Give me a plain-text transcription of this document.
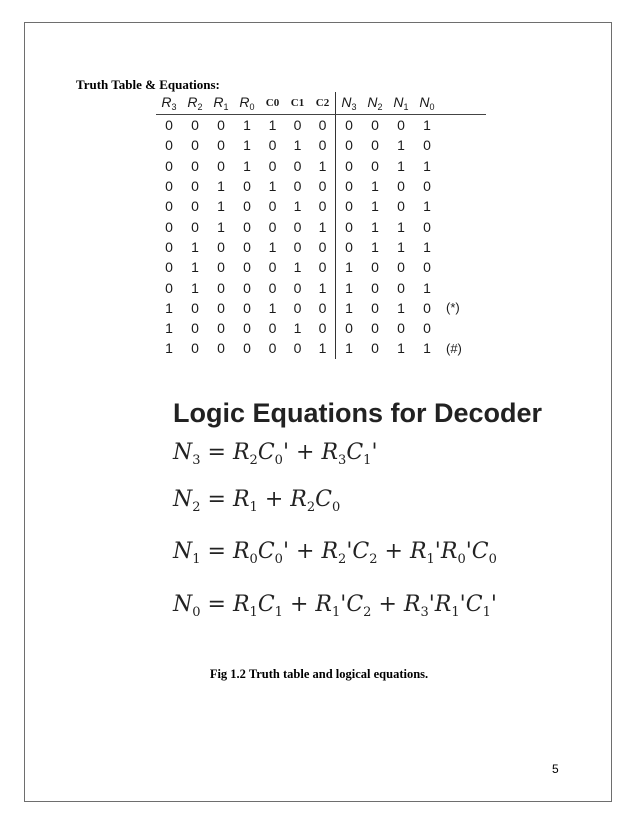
Truth Table & Equations:
$R_3$ $R_2$ $R_1$ $R_0$	C0	C1	C2 $N_3$ $N_2$ $N_1$ $N_0$
0	0	0	1	1	0	0	0	0	0	1
0	0	0	1	0	1	0	0	0	1	0
0	0	0	1	0	0	1	0	0	1	1
0	0	1	0	1	0	0	0	1	0	0
0	0	1	0	0	1	0	0	1	0	1
0	0	1	0	0	0	1	0	1	1	0
0	1	0	0	1	0	0	0	1	1	1
0	1	0	0	0	1	0	1	0	0	0
0	1	0	0	0	0	1	1	0	0	1
1	0	0	0	1	0	0	1	0	1	0	(*)
1	0	0	0	0	1	0	0	0	0	0
1	0	0	0	0	0	1	1	0	1	1	(#)
Logic Equations for Decoder
$N_3 = R_2C_0' + R_3C_1'$
$N_2 = R_1 + R_2C_0$
$N_1 = R_0C_0' + R_2'C_2 + R_1'R_0'C_0$
$N_0 = R_1C_1 + R_1'C_2 + R_3'R_1'C_1'$
Fig 1.2 Truth table and logical equations.
5
